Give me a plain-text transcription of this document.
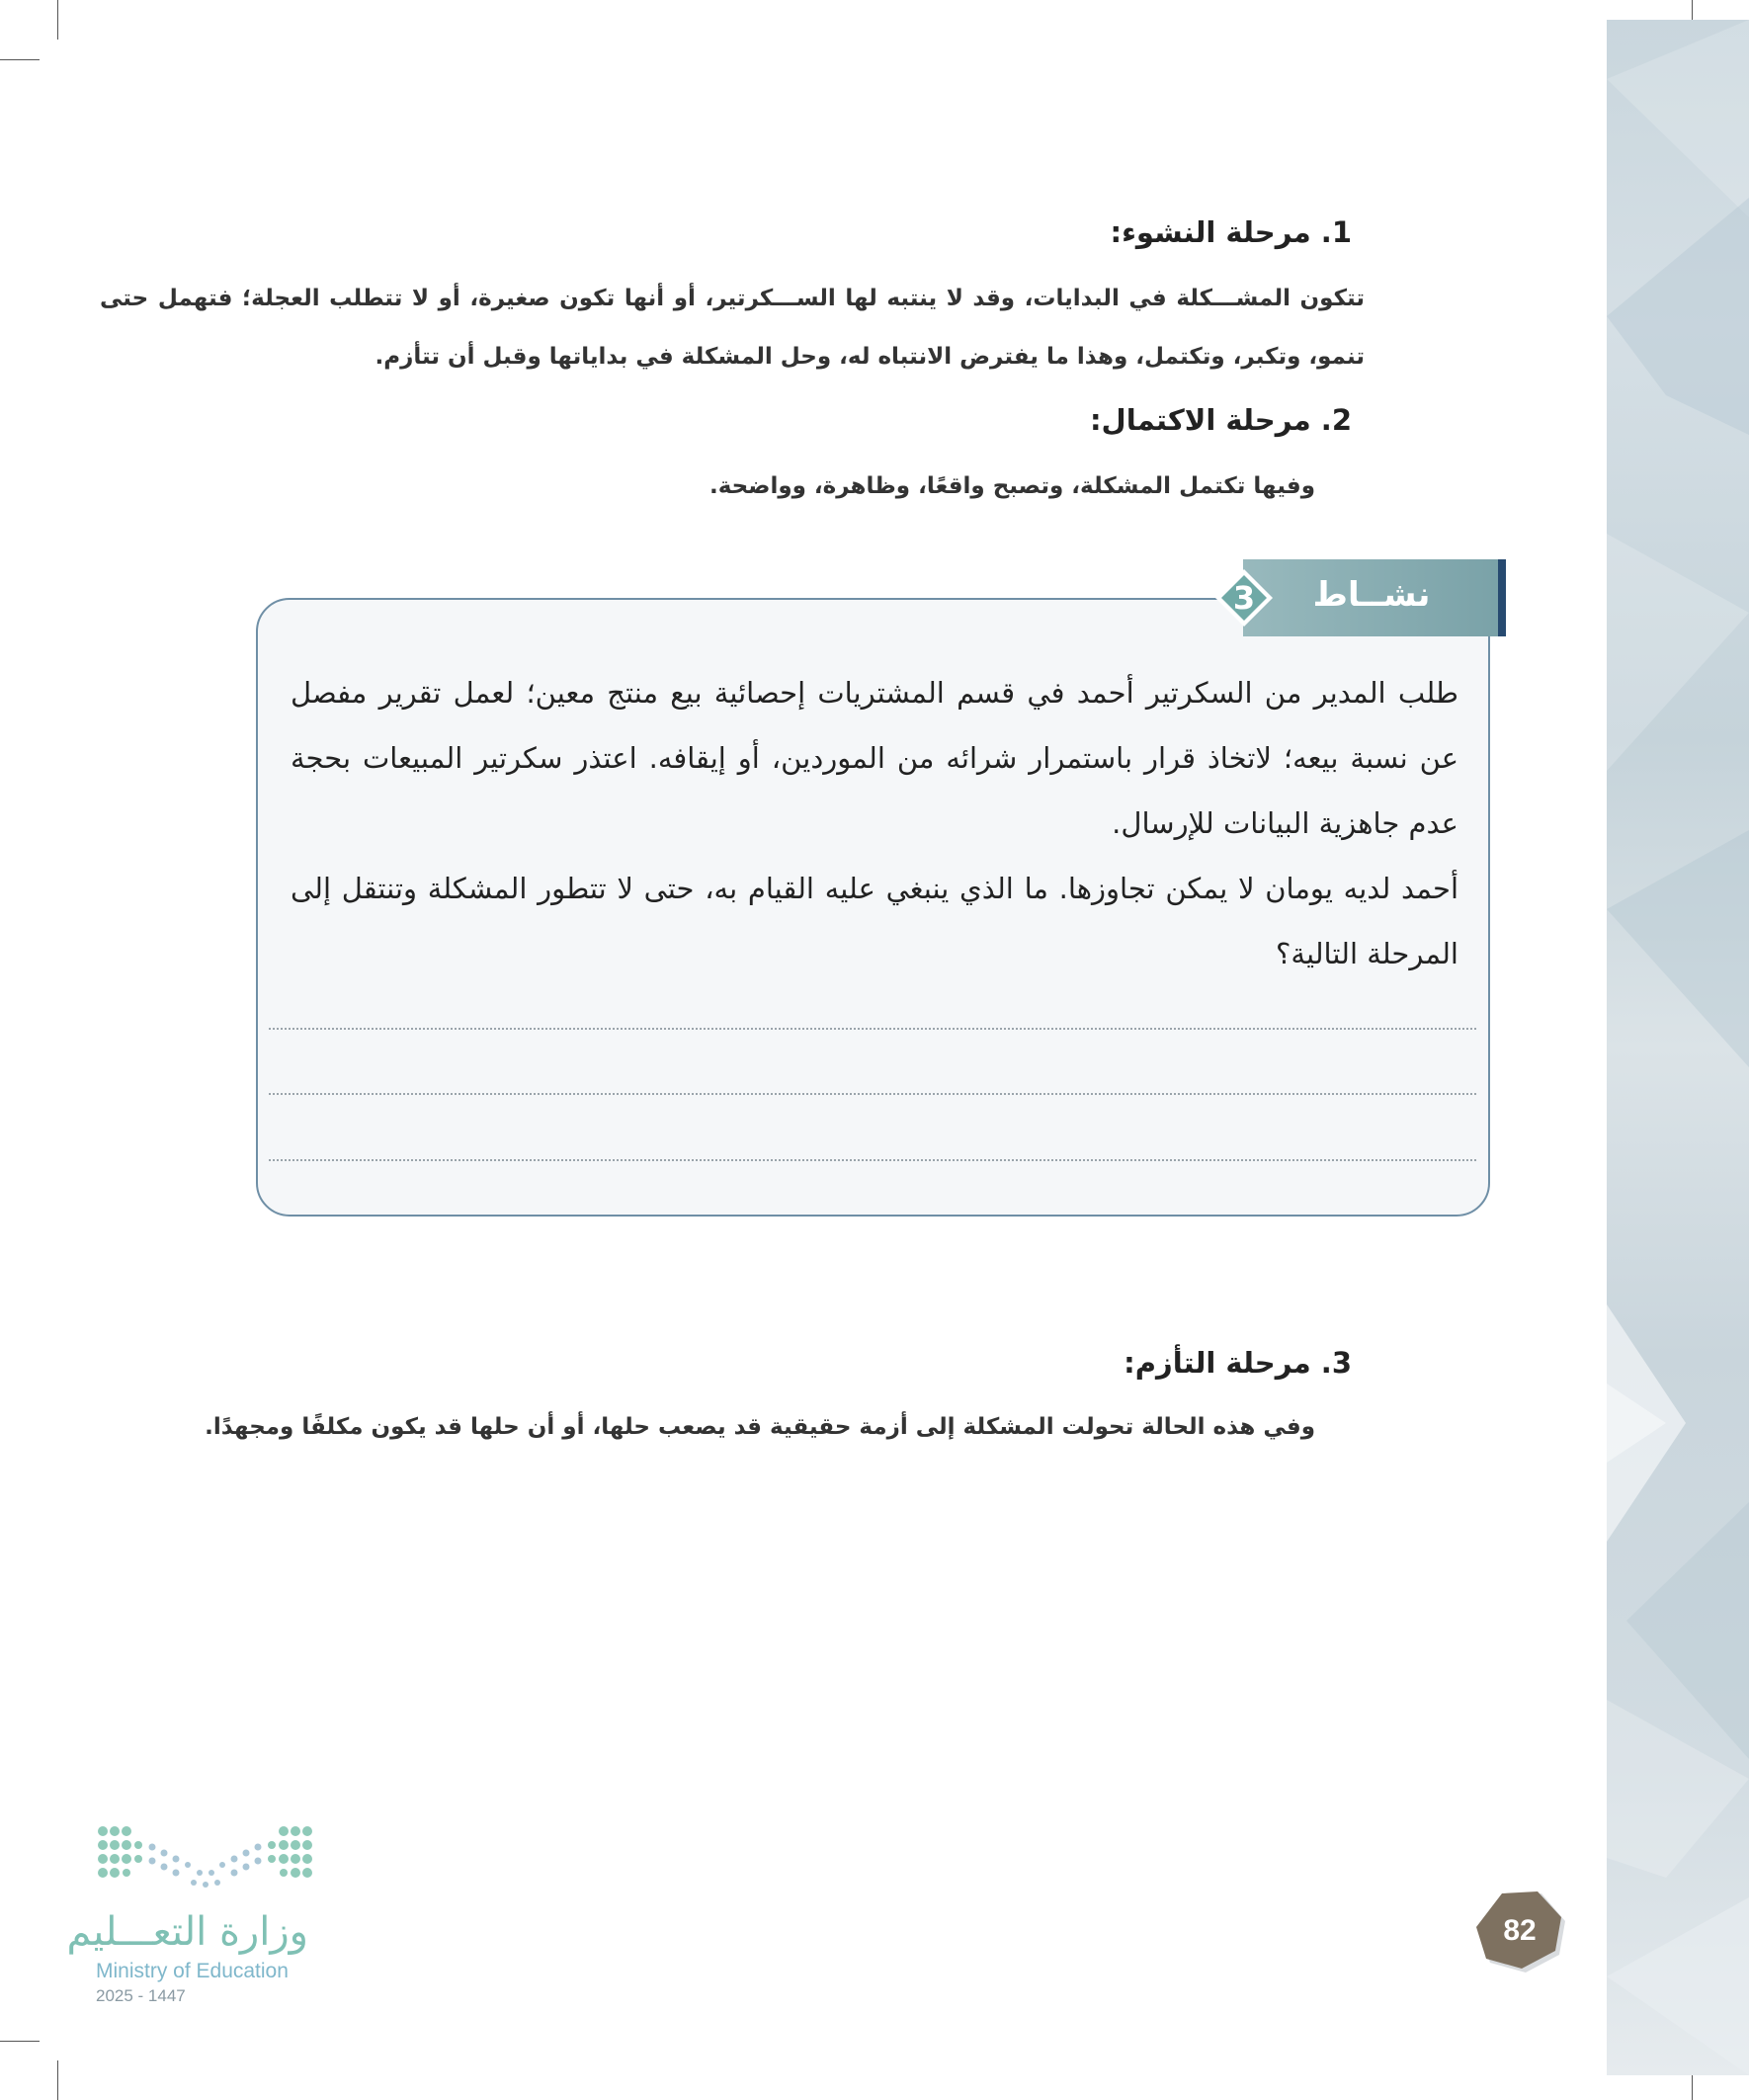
1. مرحلة النشوء:
تتكون المشـــكلة في البدايات، وقد لا ينتبه لها الســـكرتير، أو أنها تكون صغيرة، أو لا تتطلب العجلة؛ فتهمل حتى تنمو، وتكبر، وتكتمل، وهذا ما يفترض الانتباه له، وحل المشكلة في بداياتها وقبل أن تتأزم.
2. مرحلة الاكتمال:
وفيها تكتمل المشكلة، وتصبح واقعًا، وظاهرة، وواضحة.
3	نشــاط
طلب المدير من السكرتير أحمد في قسم المشتريات إحصائية بيع منتج معين؛ لعمل تقرير مفصل عن نسبة بيعه؛ لاتخاذ قرار باستمرار شرائه من الموردين، أو إيقافه. اعتذر سكرتير المبيعات بحجة عدم جاهزية البيانات للإرسال.
أحمد لديه يومان لا يمكن تجاوزها. ما الذي ينبغي عليه القيام به، حتى لا تتطور المشكلة وتنتقل إلى المرحلة التالية؟
3. مرحلة التأزم:
وفي هذه الحالة تحولت المشكلة إلى أزمة حقيقية قد يصعب حلها، أو أن حلها قد يكون مكلفًا ومجهدًا.
وزارة التعـــليم
Ministry of Education
2025 - 1447
82
